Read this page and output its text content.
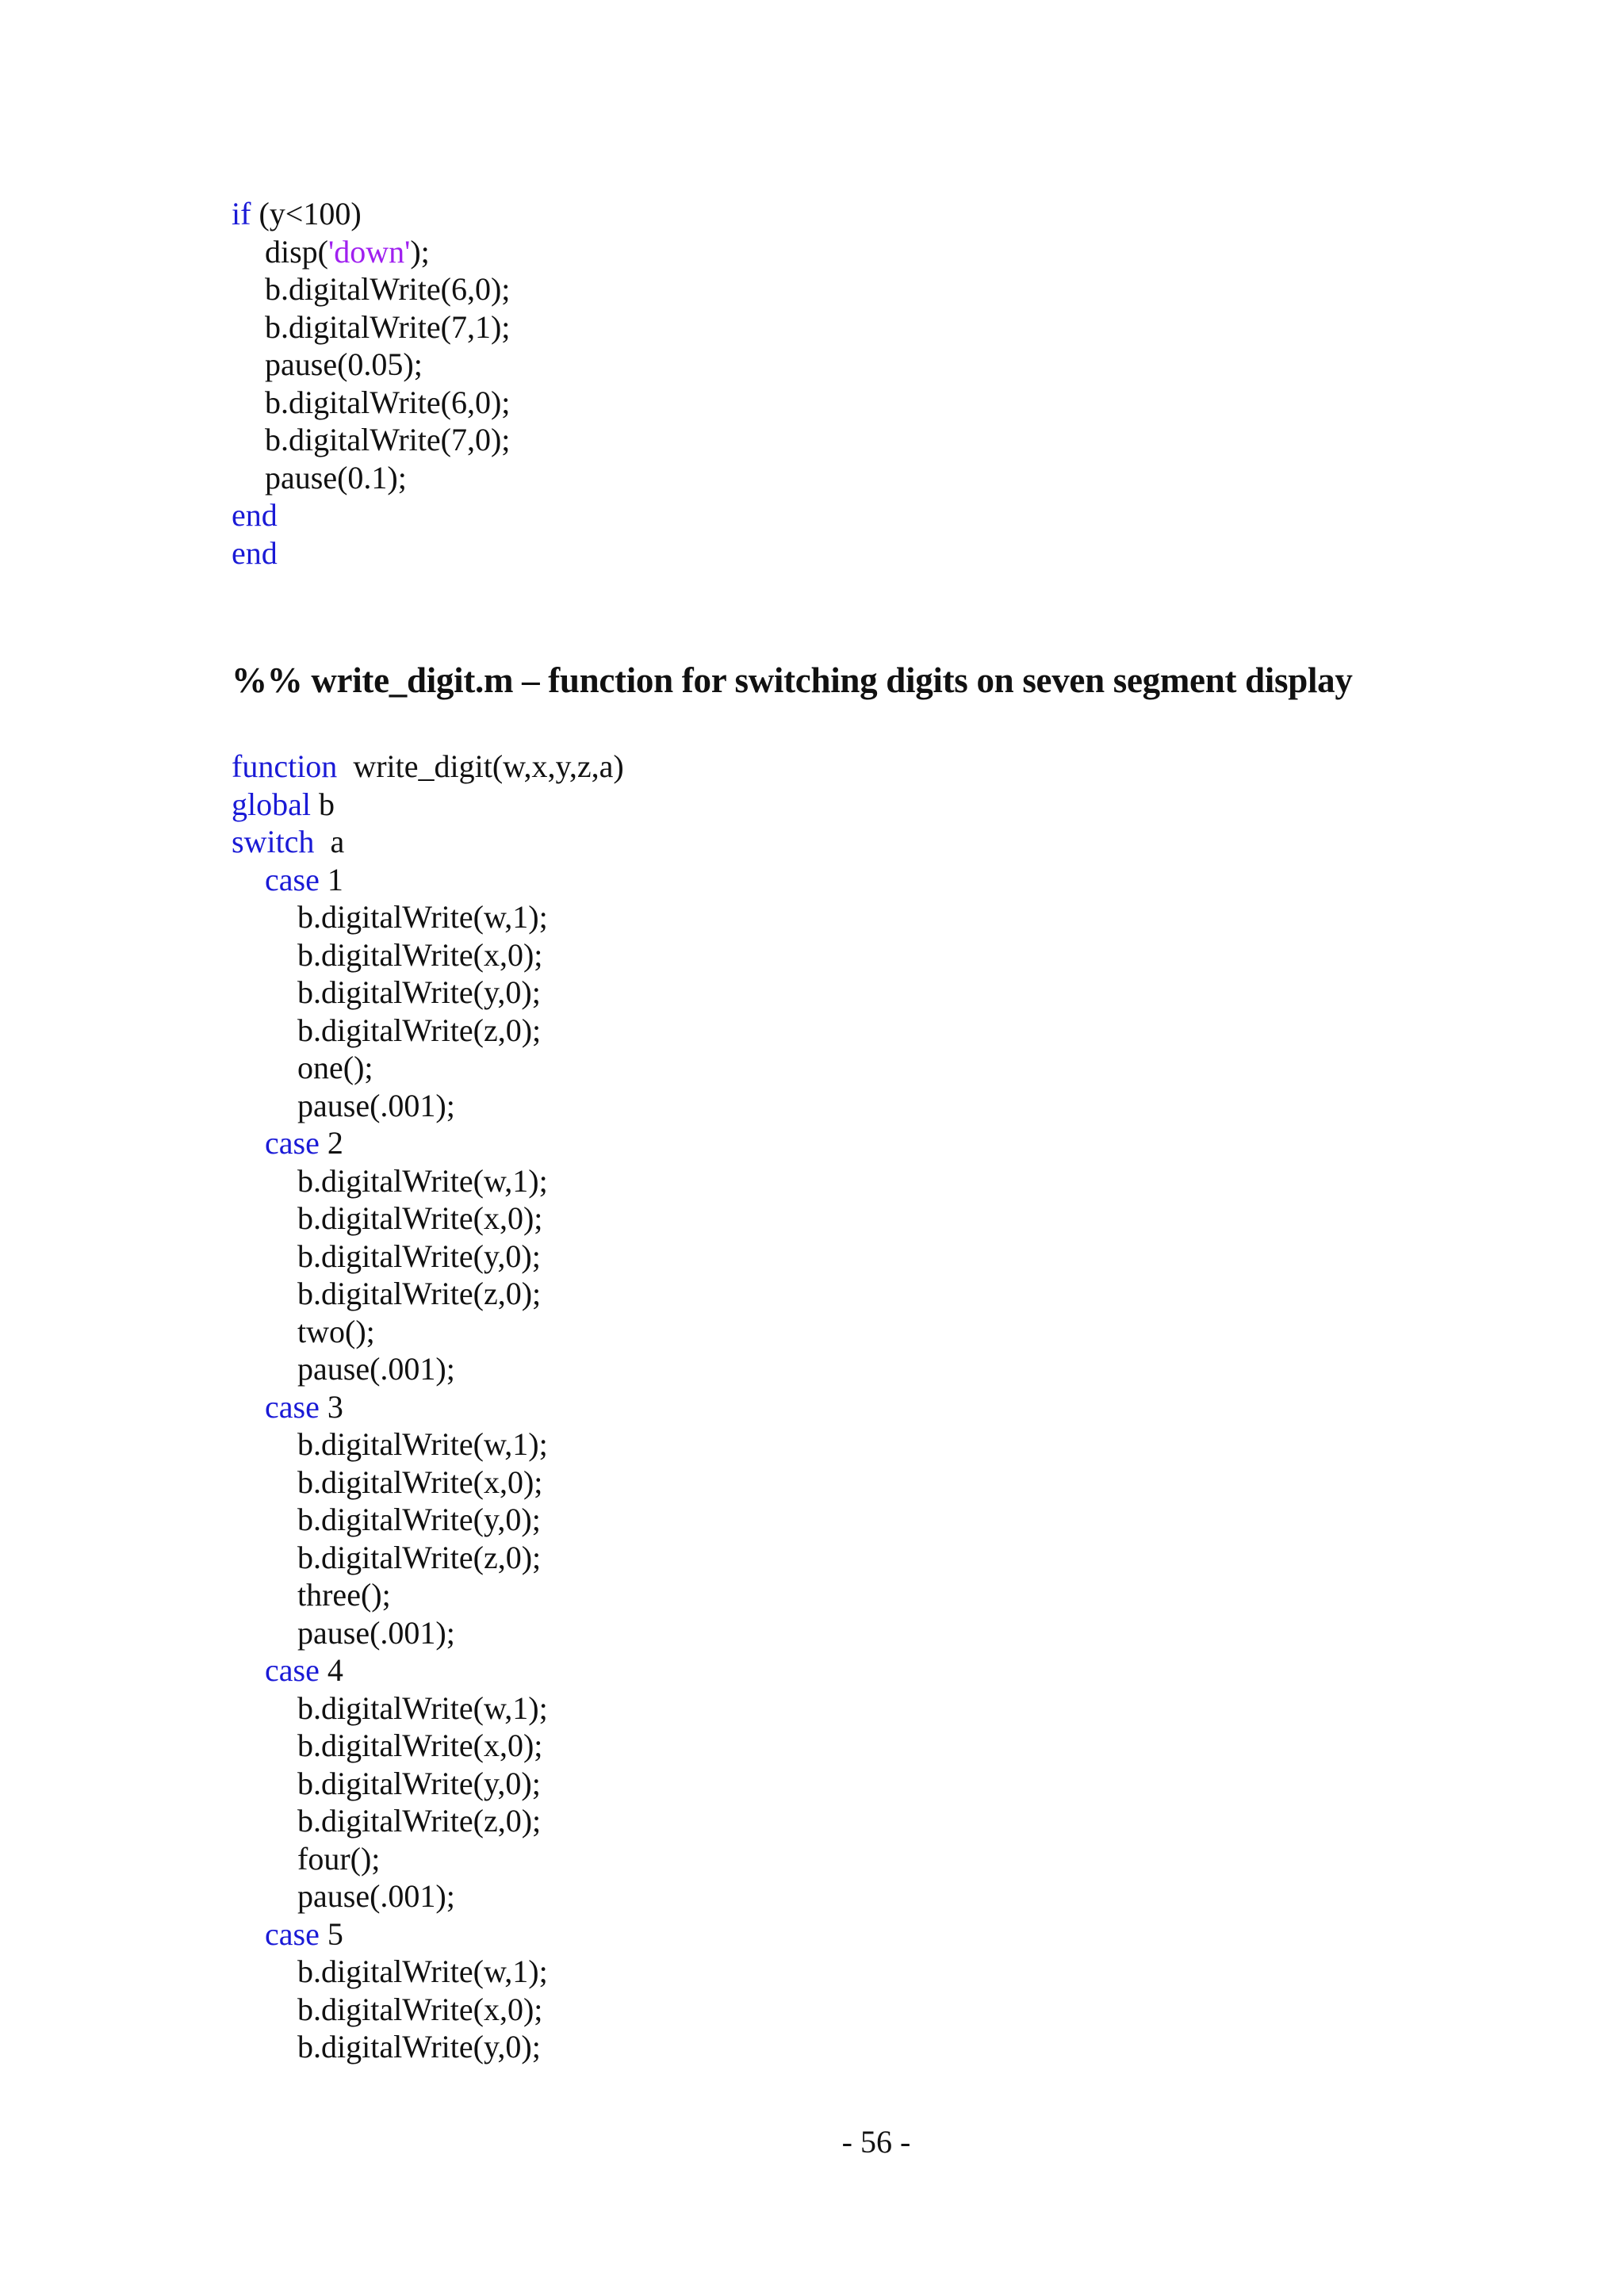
if (y<100)
disp('down');
b.digitalWrite(6,0);
b.digitalWrite(7,1);
pause(0.05);
b.digitalWrite(6,0);
b.digitalWrite(7,0);
pause(0.1);
end
end
%% write_digit.m – function for switching digits on seven segment display
function  write_digit(w,x,y,z,a)
global b
switch  a
case 1
b.digitalWrite(w,1);
b.digitalWrite(x,0);
b.digitalWrite(y,0);
b.digitalWrite(z,0);
one();
pause(.001);
case 2
b.digitalWrite(w,1);
b.digitalWrite(x,0);
b.digitalWrite(y,0);
b.digitalWrite(z,0);
two();
pause(.001);
case 3
b.digitalWrite(w,1);
b.digitalWrite(x,0);
b.digitalWrite(y,0);
b.digitalWrite(z,0);
three();
pause(.001);
case 4
b.digitalWrite(w,1);
b.digitalWrite(x,0);
b.digitalWrite(y,0);
b.digitalWrite(z,0);
four();
pause(.001);
case 5
b.digitalWrite(w,1);
b.digitalWrite(x,0);
b.digitalWrite(y,0);
- 56 -
